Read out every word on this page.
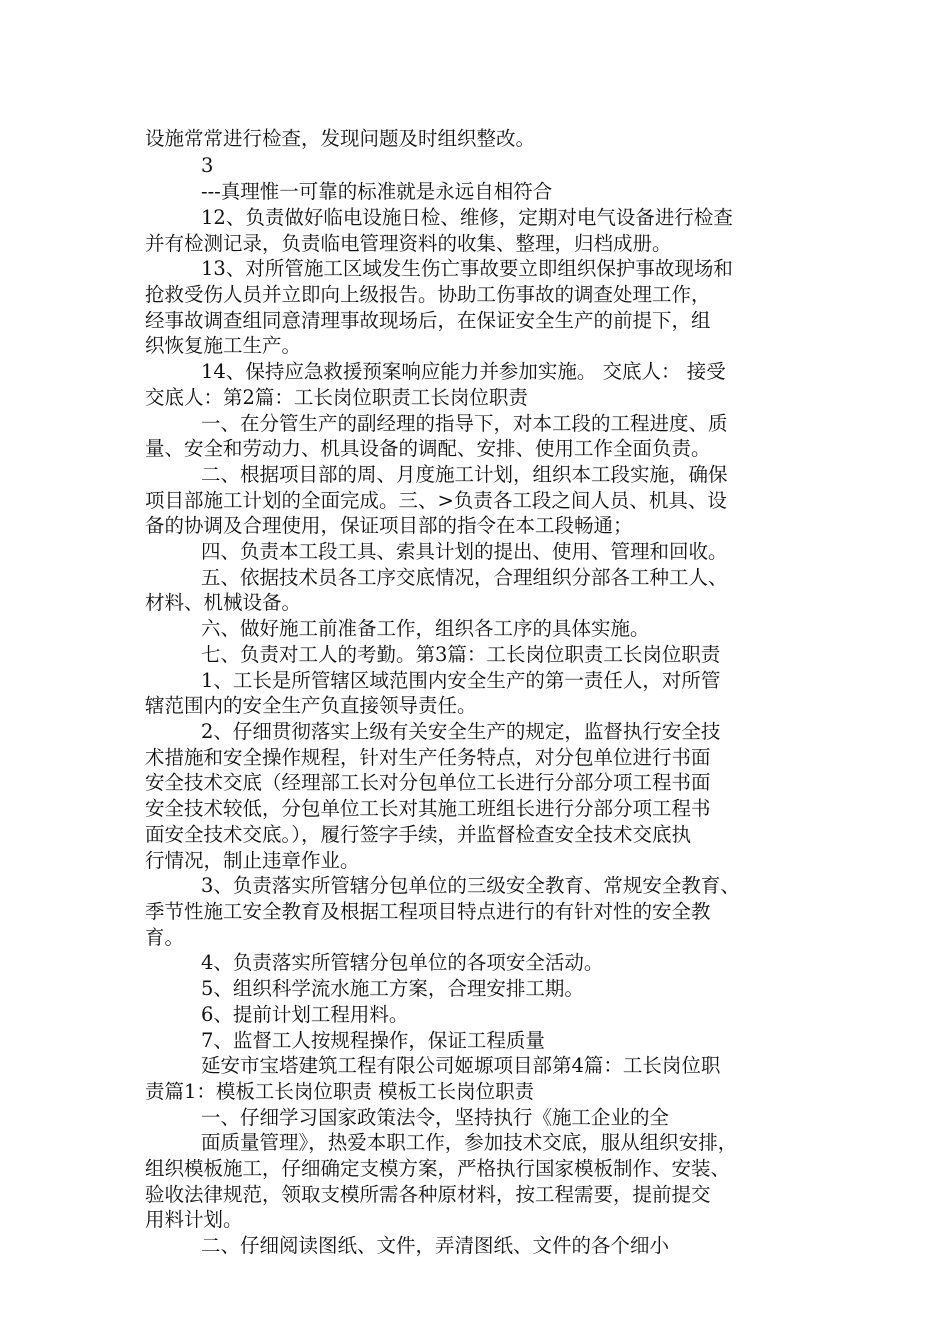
设施常常进行检查，发现问题及时组织整改。
3
---真理惟一可靠的标准就是永远自相符合
12、负责做好临电设施日检、维修，定期对电气设备进行检查
并有检测记录，负责临电管理资料的收集、整理，归档成册。
13、对所管施工区域发生伤亡事故要立即组织保护事故现场和
抢救受伤人员并立即向上级报告。协助工伤事故的调查处理工作，
经事故调查组同意清理事故现场后，在保证安全生产的前提下，组
织恢复施工生产。
14、保持应急救援预案响应能力并参加实施。 交底人： 接受
交底人：第2篇：工长岗位职责工长岗位职责
一、在分管生产的副经理的指导下，对本工段的工程进度、质
量、安全和劳动力、机具设备的调配、安排、使用工作全面负责。
二、根据项目部的周、月度施工计划，组织本工段实施，确保
项目部施工计划的全面完成。三、>负责各工段之间人员、机具、设
备的协调及合理使用，保证项目部的指令在本工段畅通；
四、负责本工段工具、索具计划的提出、使用、管理和回收。
五、依据技术员各工序交底情况，合理组织分部各工种工人、
材料、机械设备。
六、做好施工前准备工作，组织各工序的具体实施。
七、负责对工人的考勤。第3篇：工长岗位职责工长岗位职责
1、工长是所管辖区域范围内安全生产的第一责任人，对所管
辖范围内的安全生产负直接领导责任。
2、仔细贯彻落实上级有关安全生产的规定，监督执行安全技
术措施和安全操作规程，针对生产任务特点，对分包单位进行书面
安全技术交底（经理部工长对分包单位工长进行分部分项工程书面
安全技术较低，分包单位工长对其施工班组长进行分部分项工程书
面安全技术交底。），履行签字手续，并监督检查安全技术交底执
行情况，制止违章作业。
3、负责落实所管辖分包单位的三级安全教育、常规安全教育、
季节性施工安全教育及根据工程项目特点进行的有针对性的安全教
育。
4、负责落实所管辖分包单位的各项安全活动。
5、组织科学流水施工方案，合理安排工期。
6、提前计划工程用料。
7、监督工人按规程操作，保证工程质量
延安市宝塔建筑工程有限公司姬塬项目部第4篇：工长岗位职
责篇1：模板工长岗位职责 模板工长岗位职责
一、仔细学习国家政策法令，坚持执行《施工企业的全
面质量管理》，热爱本职工作，参加技术交底，服从组织安排，
组织模板施工，仔细确定支模方案，严格执行国家模板制作、安装、
验收法律规范，领取支模所需各种原材料，按工程需要，提前提交
用料计划。
二、仔细阅读图纸、文件，弄清图纸、文件的各个细小
